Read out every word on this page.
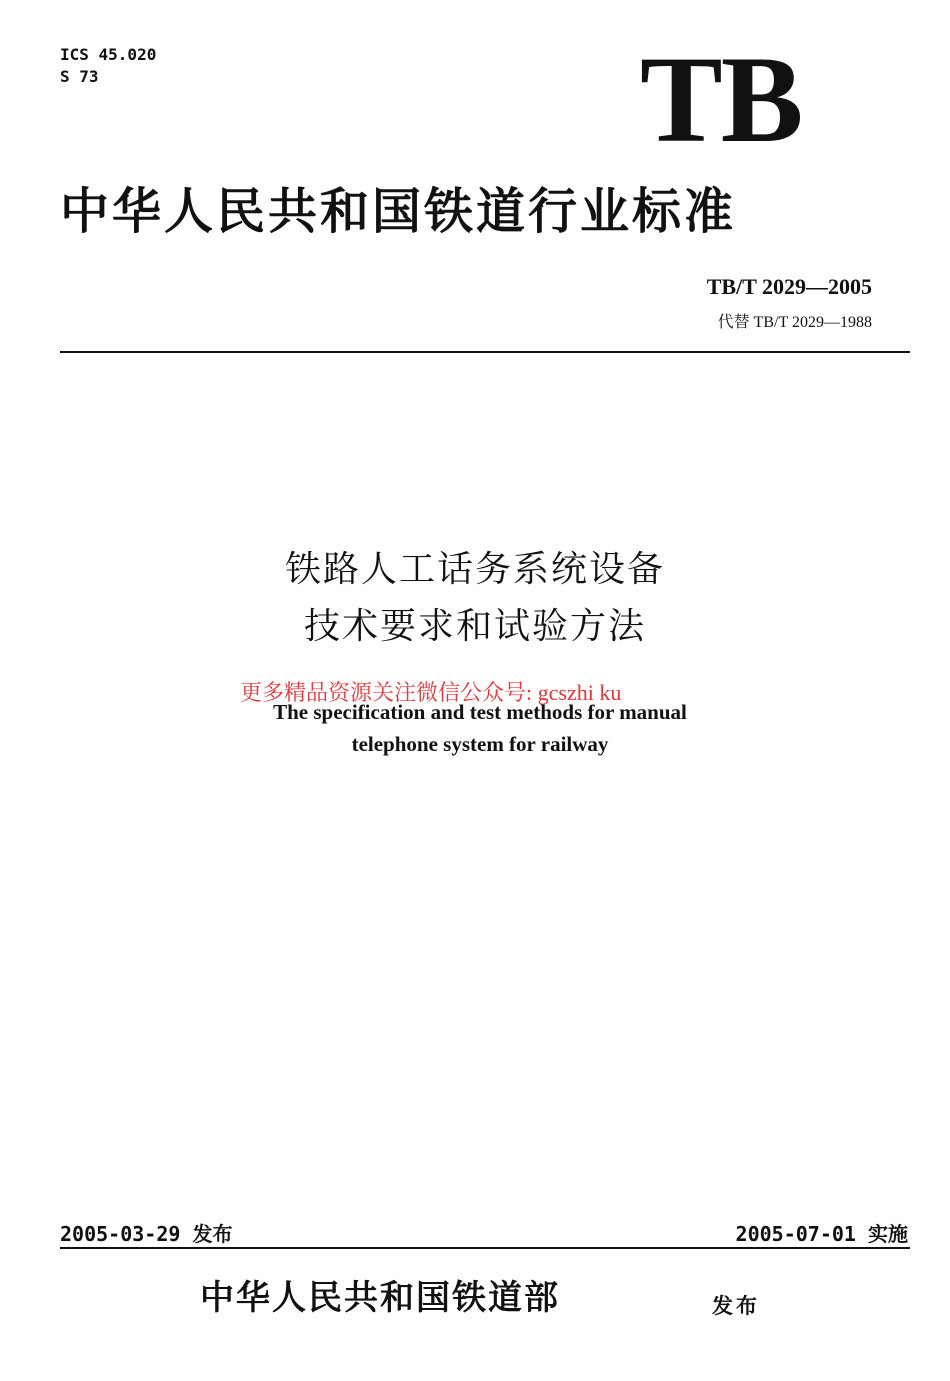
ICS 45.020
S 73	TB
中华人民共和国铁道行业标准
TB/T 2029—2005
代替 TB/T 2029—1988
铁路人工话务系统设备
技术要求和试验方法
The specification and test methods for manual
telephone system for railway
更多精品资源关注微信公众号: gcszhi ku
2005-03-29 发布	2005-07-01 实施
中华人民共和国铁道部	发布
